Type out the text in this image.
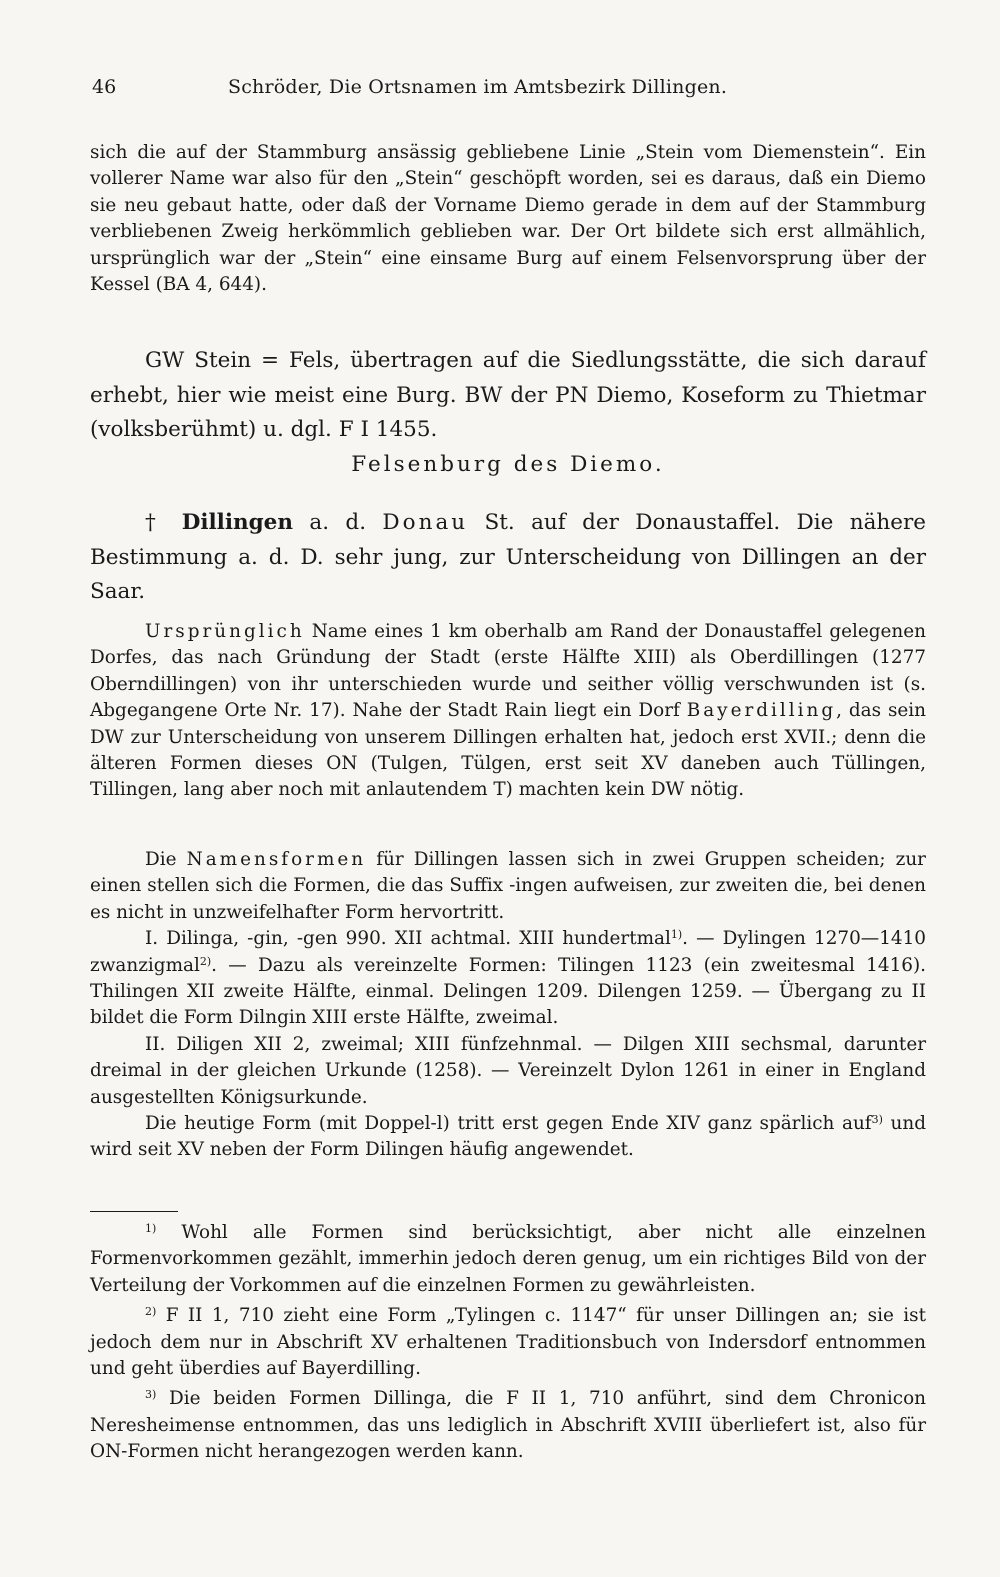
46	Schröder, Die Ortsnamen im Amtsbezirk Dillingen.

sich die auf der Stammburg ansässig gebliebene Linie „Stein vom Diemenstein“. Ein vollerer Name war also für den „Stein“ geschöpft worden, sei es daraus, daß ein Diemo sie neu gebaut hatte, oder daß der Vorname Diemo gerade in dem auf der Stammburg verbliebenen Zweig herkömmlich geblieben war. Der Ort bildete sich erst allmählich, ursprünglich war der „Stein“ eine einsame Burg auf einem Felsenvorsprung über der Kessel (BA 4, 644).

GW Stein = Fels, übertragen auf die Siedlungsstätte, die sich darauf erhebt, hier wie meist eine Burg. BW der PN Diemo, Koseform zu Thietmar (volksberühmt) u. dgl. F I 1455.

Felsenburg des Diemo.

† Dillingen a. d. Donau St. auf der Donaustaffel. Die nähere Bestimmung a. d. D. sehr jung, zur Unterscheidung von Dillingen an der Saar.

Ursprünglich Name eines 1 km oberhalb am Rand der Donaustaffel gelegenen Dorfes, das nach Gründung der Stadt (erste Hälfte XIII) als Oberdillingen (1277 Oberndillingen) von ihr unterschieden wurde und seither völlig verschwunden ist (s. Abgegangene Orte Nr. 17). Nahe der Stadt Rain liegt ein Dorf Bayerdilling, das sein DW zur Unterscheidung von unserem Dillingen erhalten hat, jedoch erst XVII.; denn die älteren Formen dieses ON (Tulgen, Tülgen, erst seit XV daneben auch Tüllingen, Tillingen, lang aber noch mit anlautendem T) machten kein DW nötig.

Die Namensformen für Dillingen lassen sich in zwei Gruppen scheiden; zur einen stellen sich die Formen, die das Suffix -ingen aufweisen, zur zweiten die, bei denen es nicht in unzweifelhafter Form hervortritt.

I. Dilinga, -gin, -gen 990. XII achtmal. XIII hundertmal$^{1)}$. — Dylingen 1270—1410 zwanzigmal$^{2)}$. — Dazu als vereinzelte Formen: Tilingen 1123 (ein zweitesmal 1416). Thilingen XII zweite Hälfte, einmal. Delingen 1209. Dilengen 1259. — Übergang zu II bildet die Form Dilngin XIII erste Hälfte, zweimal.

II. Diligen XII 2, zweimal; XIII fünfzehnmal. — Dilgen XIII sechsmal, darunter dreimal in der gleichen Urkunde (1258). — Vereinzelt Dylon 1261 in einer in England ausgestellten Königsurkunde.

Die heutige Form (mit Doppel-l) tritt erst gegen Ende XIV ganz spärlich auf$^{3)}$ und wird seit XV neben der Form Dilingen häufig angewendet.

$^{1)}$ Wohl alle Formen sind berücksichtigt, aber nicht alle einzelnen Formenvorkommen gezählt, immerhin jedoch deren genug, um ein richtiges Bild von der Verteilung der Vorkommen auf die einzelnen Formen zu gewährleisten.

$^{2)}$ F II 1, 710 zieht eine Form „Tylingen c. 1147“ für unser Dillingen an; sie ist jedoch dem nur in Abschrift XV erhaltenen Traditionsbuch von Indersdorf entnommen und geht überdies auf Bayerdilling.

$^{3)}$ Die beiden Formen Dillinga, die F II 1, 710 anführt, sind dem Chronicon Neresheimense entnommen, das uns lediglich in Abschrift XVIII überliefert ist, also für ON-Formen nicht herangezogen werden kann.
